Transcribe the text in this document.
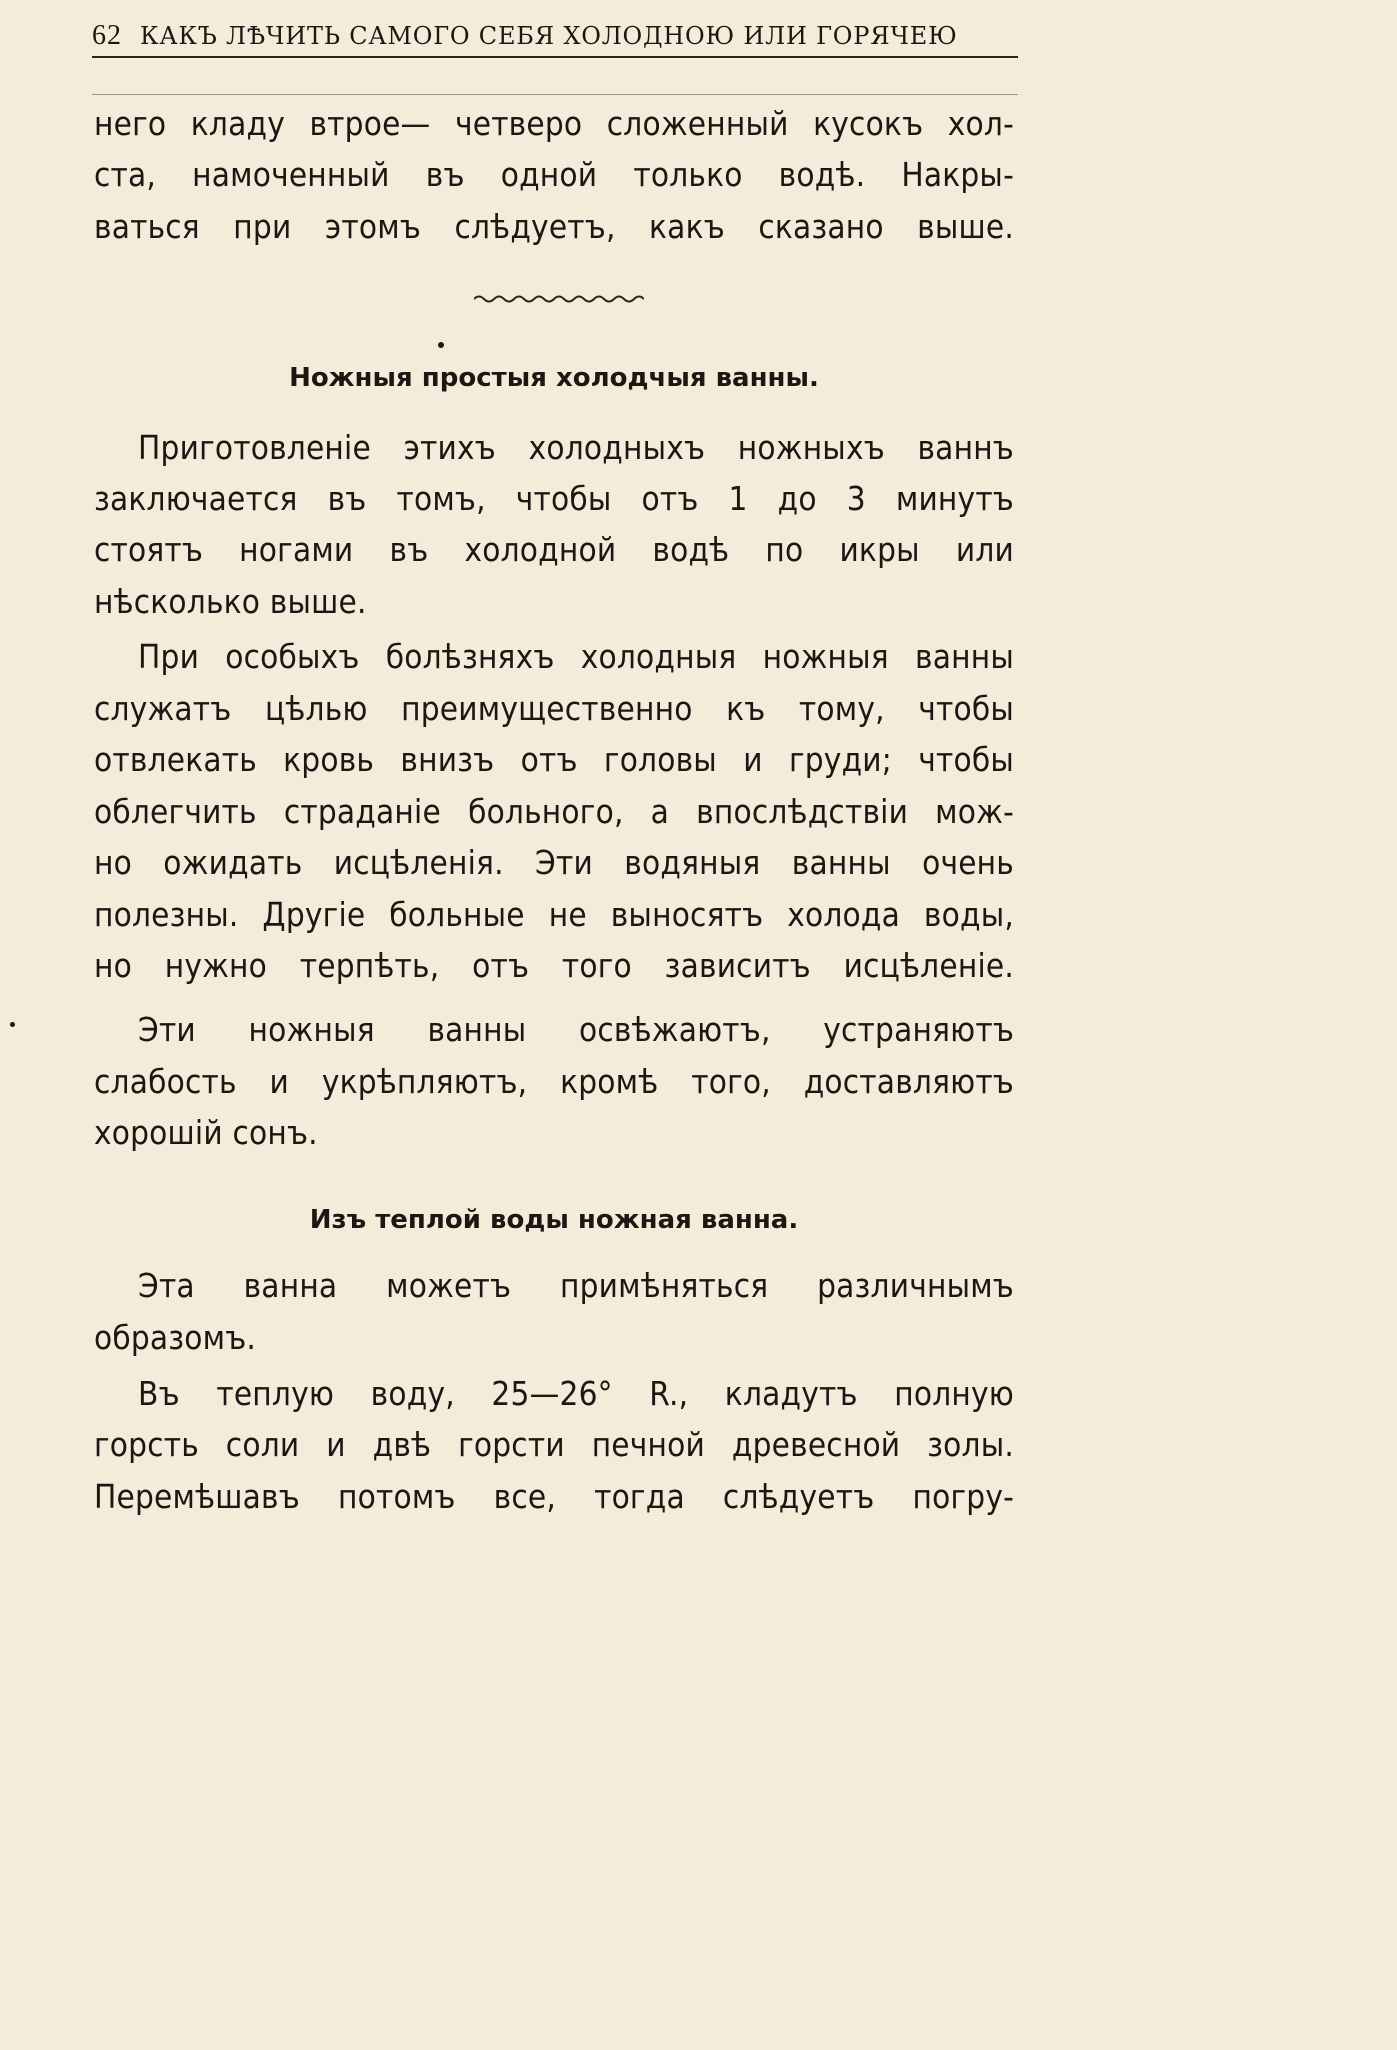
62 КАКЪ ЛѢЧИТЬ САМОГО СЕБЯ ХОЛОДНОЮ ИЛИ ГОРЯЧЕЮ
него кладу втрое— четверо сложенный кусокъ хол-
ста, намоченный въ одной только водѣ. Накры-
ваться при этомъ слѣдуетъ, какъ сказано выше.
Ножныя простыя холодчыя ванны.
Приготовленіе этихъ холодныхъ ножныхъ ваннъ
заключается въ томъ, чтобы отъ 1 до 3 минутъ
стоятъ ногами въ холодной водѣ по икры или
нѣсколько выше.
При особыхъ болѣзняхъ холодныя ножныя ванны
служатъ цѣлью преимущественно къ тому, чтобы
отвлекать кровь внизъ отъ головы и груди; чтобы
облегчить страданіе больного, а впослѣдствіи мож-
но ожидать исцѣленія. Эти водяныя ванны очень
полезны. Другіе больные не выносятъ холода воды,
но нужно терпѣть, отъ того зависитъ исцѣленіе.
Эти ножныя ванны освѣжаютъ, устраняютъ
слабость и укрѣпляютъ, кромѣ того, доставляютъ
хорошій сонъ.
Изъ теплой воды ножная ванна.
Эта ванна можетъ примѣняться различнымъ
образомъ.
Въ теплую воду, 25—26° R., кладутъ полную
горсть соли и двѣ горсти печной древесной золы.
Перемѣшавъ потомъ все, тогда слѣдуетъ погру-
